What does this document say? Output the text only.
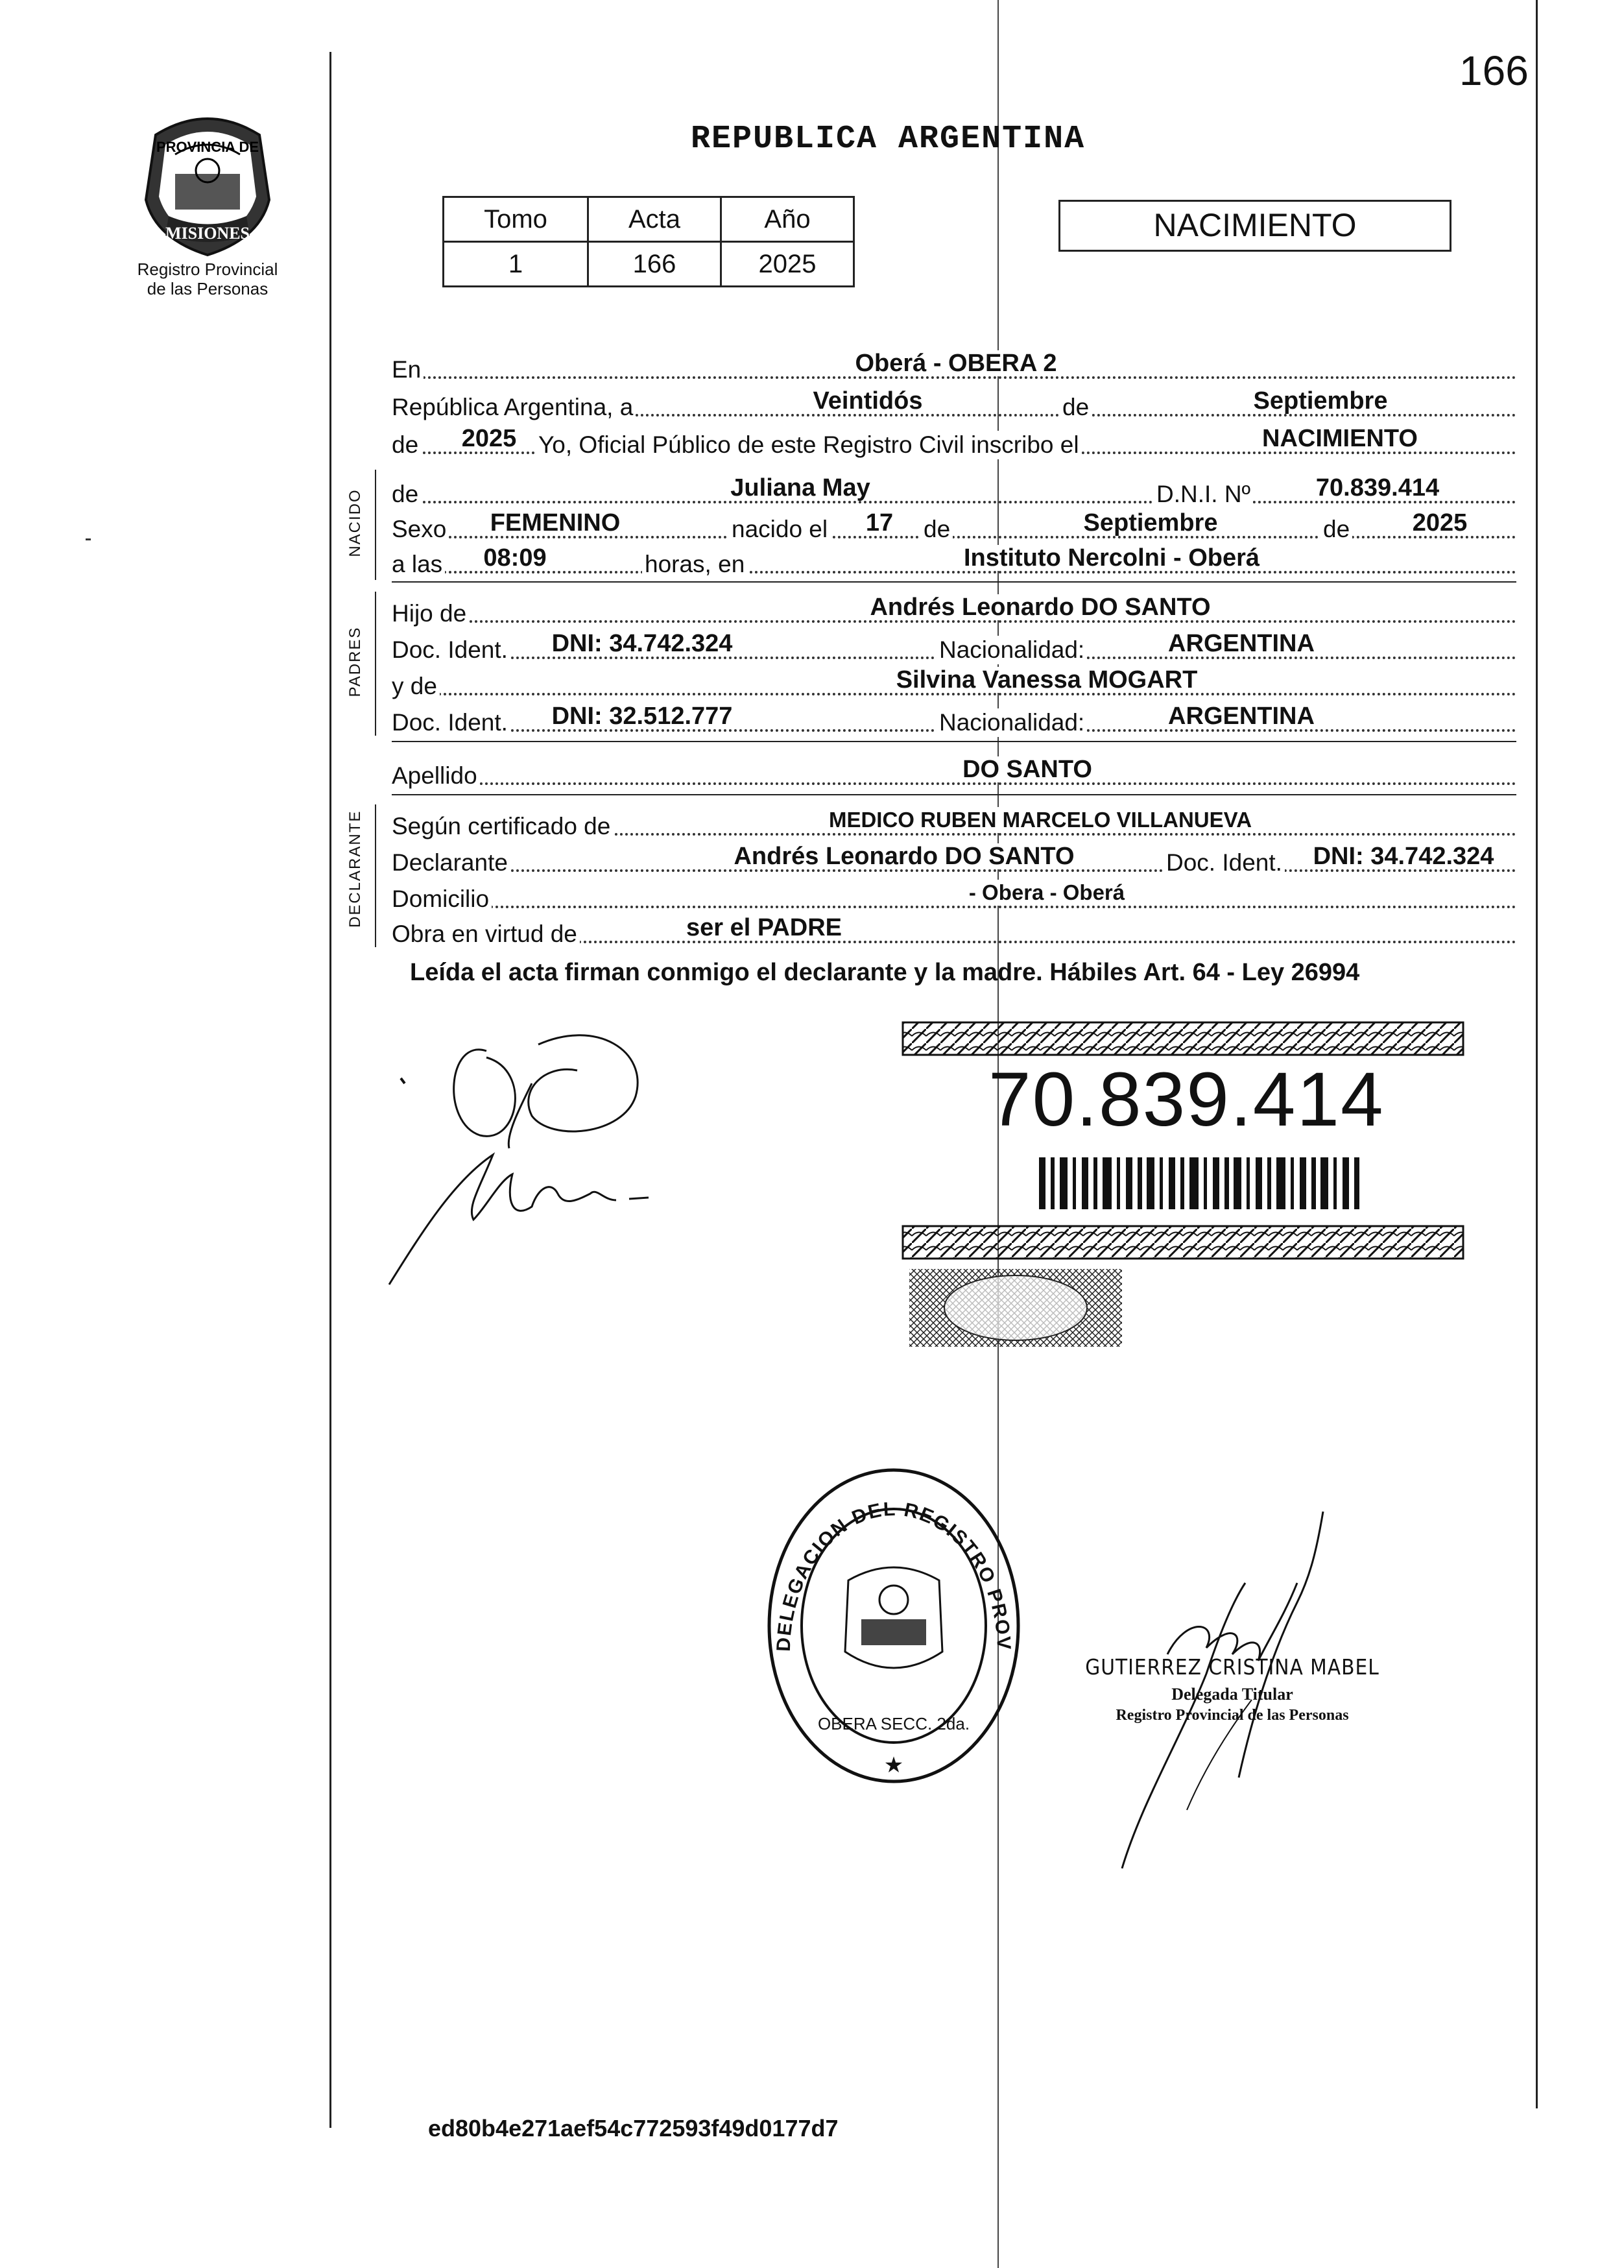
166
PROVINCIA DE
MISIONES
Registro Provincial
de las Personas
REPUBLICA ARGENTINA
Tomo	Acta	Año
1	166	2025
NACIMIENTO
En	Oberá - OBERA 2
República Argentina, a	Veintidós	de	Septiembre
de 2025 Yo, Oficial Público de este Registro Civil inscribo el	NACIMIENTO
NACIDO de	Juliana May	D.N.I. Nº	70.839.414
Sexo FEMENINO	nacido el 17 de	Septiembre	de	2025
a las 08:09	horas, en	Instituto Nercolni - Oberá
PADRES
Hijo de	Andrés Leonardo DO SANTO
Doc. Ident. DNI: 34.742.324	Nacionalidad:	ARGENTINA
y de	Silvina Vanessa MOGART
Doc. Ident. DNI: 32.512.777	Nacionalidad:	ARGENTINA
Apellido	DO SANTO
DECLARANTE Según certificado de	MEDICO RUBEN MARCELO VILLANUEVA
Declarante	Andrés Leonardo DO SANTO	Doc. Ident. DNI: 34.742.324
Domicilio	- Obera - Oberá
Obra en virtud de	ser el PADRE
Leída el acta firman conmigo el declarante y la madre. Hábiles Art. 64 - Ley 26994
70.839.414
DELEGACION DEL REGISTRO PROV
OBERA SECC. 2da.
★
GUTIERREZ CRISTINA MABEL
Delegada Titular
Registro Provincial de las Personas
ed80b4e271aef54c772593f49d0177d7
